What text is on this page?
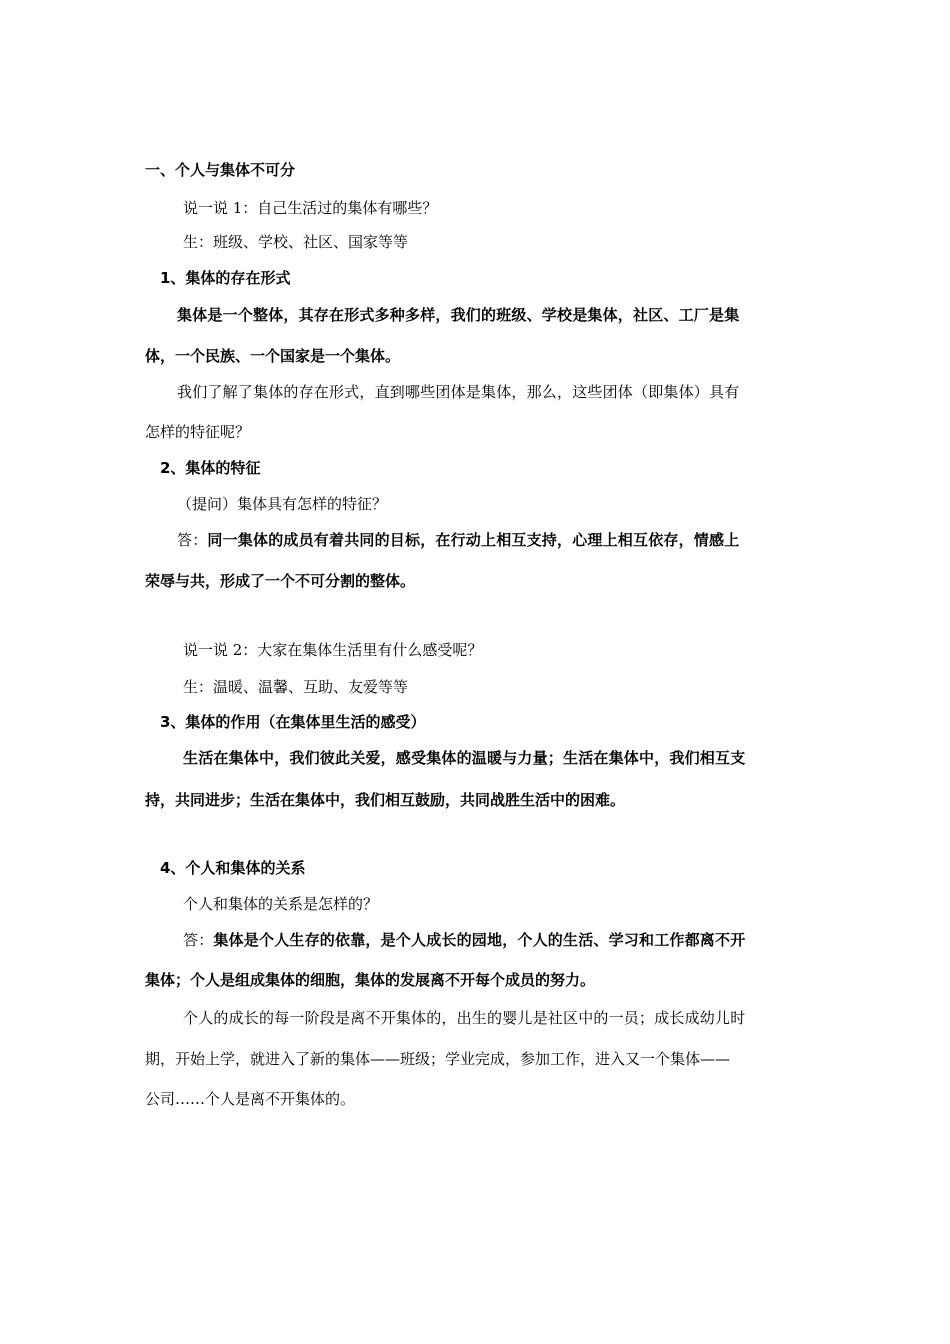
一、个人与集体不可分
说一说 1：自己生活过的集体有哪些？
生：班级、学校、社区、国家等等
1、集体的存在形式
集体是一个整体，其存在形式多种多样，我们的班级、学校是集体，社区、工厂是集
体，一个民族、一个国家是一个集体。
我们了解了集体的存在形式，直到哪些团体是集体，那么，这些团体（即集体）具有
怎样的特征呢？
2、集体的特征
（提问）集体具有怎样的特征？
答：同一集体的成员有着共同的目标，在行动上相互支持，心理上相互依存，情感上
荣辱与共，形成了一个不可分割的整体。
说一说 2：大家在集体生活里有什么感受呢？
生：温暖、温馨、互助、友爱等等
3、集体的作用（在集体里生活的感受）
生活在集体中，我们彼此关爱，感受集体的温暖与力量；生活在集体中，我们相互支
持，共同进步；生活在集体中，我们相互鼓励，共同战胜生活中的困难。
4、个人和集体的关系
个人和集体的关系是怎样的？
答：集体是个人生存的依靠，是个人成长的园地，个人的生活、学习和工作都离不开
集体；个人是组成集体的细胞，集体的发展离不开每个成员的努力。
个人的成长的每一阶段是离不开集体的，出生的婴儿是社区中的一员；成长成幼儿时
期，开始上学，就进入了新的集体——班级；学业完成，参加工作，进入又一个集体——
公司……个人是离不开集体的。
